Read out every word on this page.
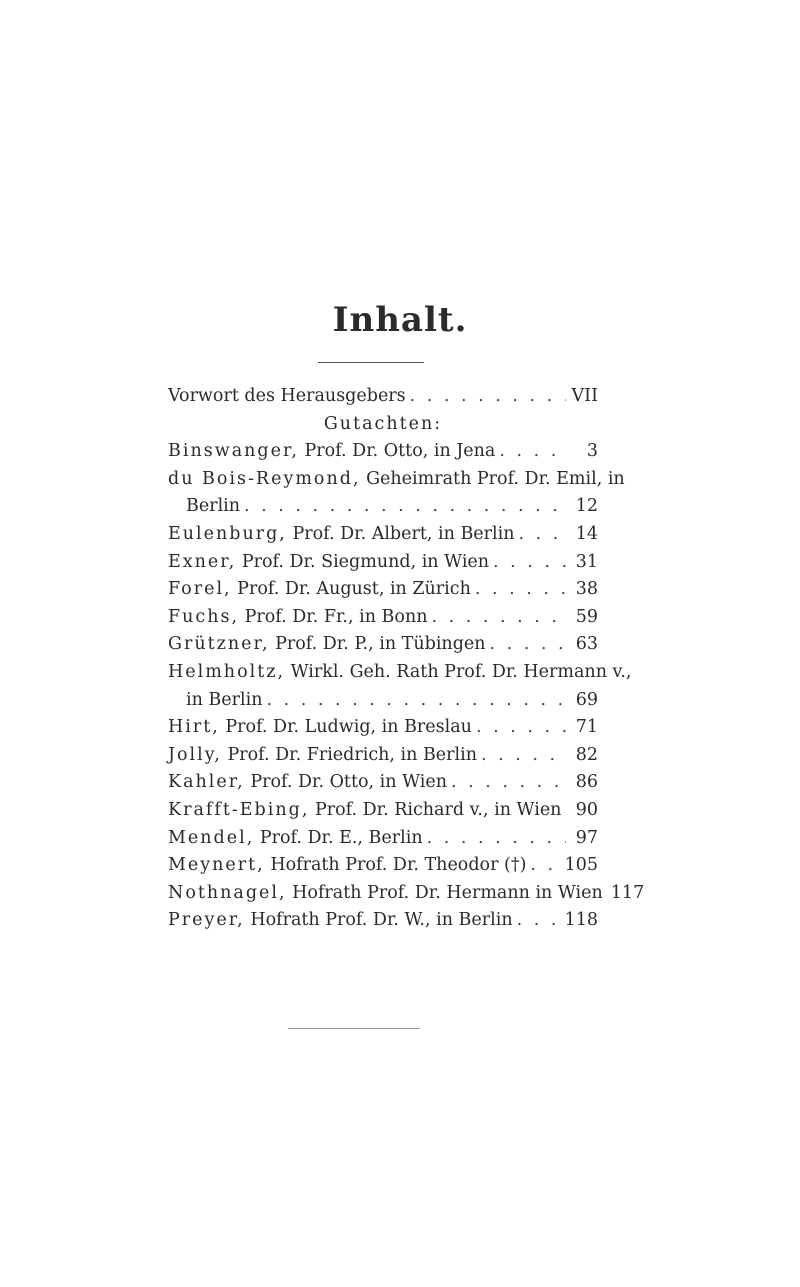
Inhalt.
Vorwort des Herausgebers . . .	VII
Gutachten:
Binswanger, Prof. Dr. Otto, in Jena . . .	3
du Bois-Reymond, Geheimrath Prof. Dr. Emil, in
Berlin . . .	12
Eulenburg, Prof. Dr. Albert, in Berlin . . .	14
Exner, Prof. Dr. Siegmund, in Wien . . .	31
Forel, Prof. Dr. August, in Zürich . . .	38
Fuchs, Prof. Dr. Fr., in Bonn . . .	59
Grützner, Prof. Dr. P., in Tübingen . . .	63
Helmholtz, Wirkl. Geh. Rath Prof. Dr. Hermann v.,
in Berlin . . .	69
Hirt, Prof. Dr. Ludwig, in Breslau . . .	71
Jolly, Prof. Dr. Friedrich, in Berlin . . .	82
Kahler, Prof. Dr. Otto, in Wien . . .	86
Krafft-Ebing, Prof. Dr. Richard v., in Wien . . . 90
Mendel, Prof. Dr. E., Berlin . . .	97
Meynert, Hofrath Prof. Dr. Theodor (†) . . . 105
Nothnagel, Hofrath Prof. Dr. Hermann in Wien 117
Preyer, Hofrath Prof. Dr. W., in Berlin . . .	118
